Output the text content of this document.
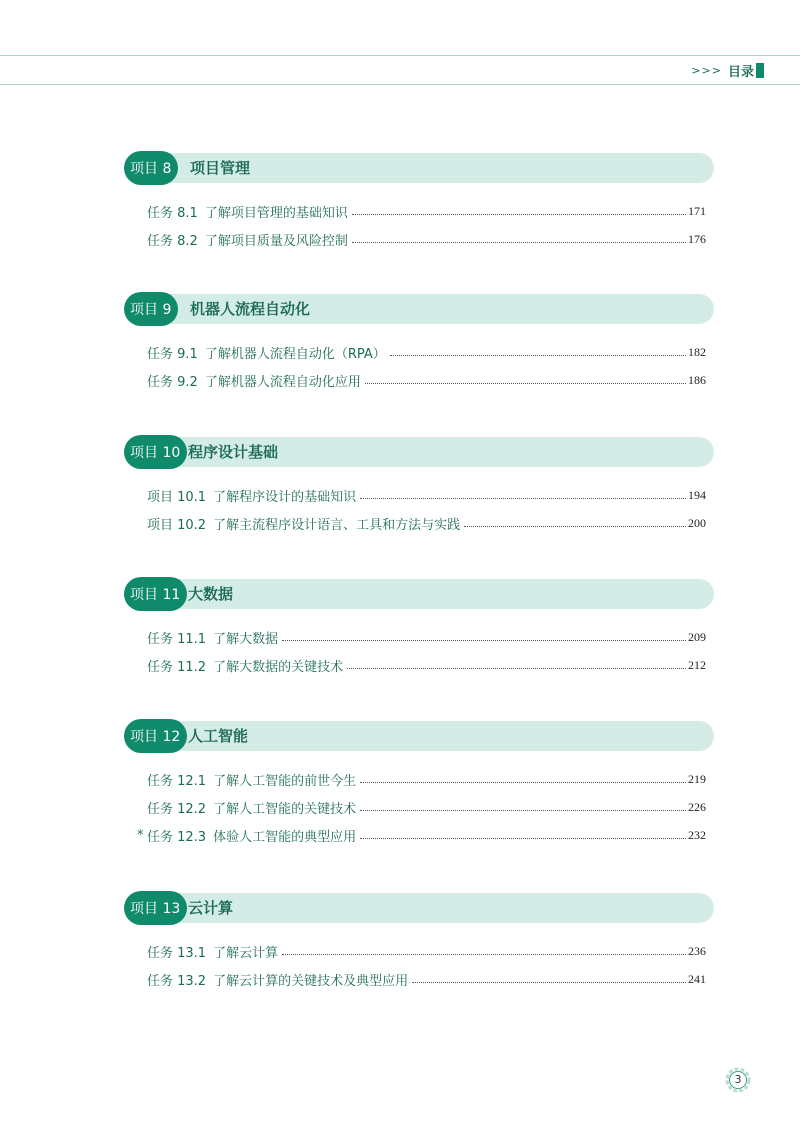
>>> 目录
项目 8	项目管理
任务 8.1 了解项目管理的基础知识	171
任务 8.2 了解项目质量及风险控制	176
项目 9	机器人流程自动化
任务 9.1 了解机器人流程自动化（RPA）	182
任务 9.2 了解机器人流程自动化应用	186
项目 10 程序设计基础
项目 10.1 了解程序设计的基础知识	194
项目 10.2 了解主流程序设计语言、工具和方法与实践	200
项目 11 大数据
任务 11.1 了解大数据	209
任务 11.2 了解大数据的关键技术	212
项目 12 人工智能
任务 12.1 了解人工智能的前世今生	219
任务 12.2 了解人工智能的关键技术	226
* 任务 12.3 体验人工智能的典型应用	232
项目 13 云计算
任务 13.1 了解云计算	236
任务 13.2 了解云计算的关键技术及典型应用	241
3
